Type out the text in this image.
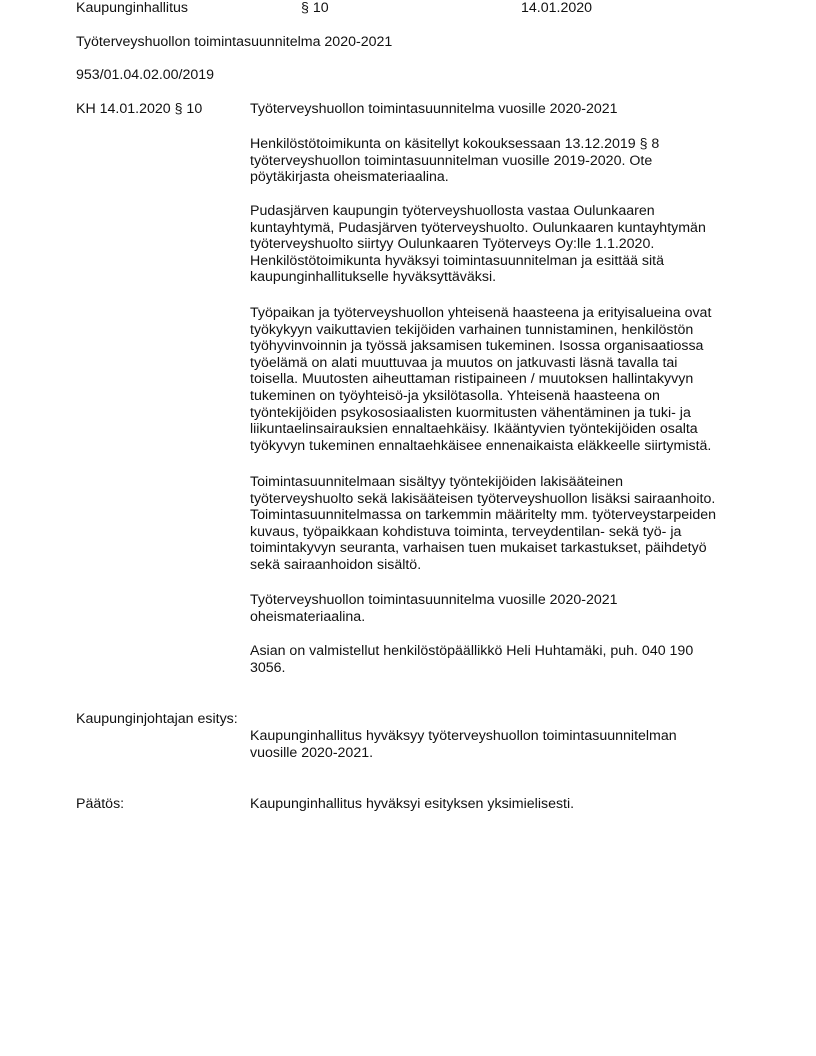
Kaupunginhallitus	§ 10	14.01.2020
Työterveyshuollon toimintasuunnitelma 2020-2021
953/01.04.02.00/2019
KH 14.01.2020 § 10	Työterveyshuollon toimintasuunnitelma vuosille 2020-2021
Henkilöstötoimikunta on käsitellyt kokouksessaan 13.12.2019 § 8
työterveyshuollon toimintasuunnitelman vuosille 2019-2020. Ote
pöytäkirjasta oheismateriaalina.
Pudasjärven kaupungin työterveyshuollosta vastaa Oulunkaaren
kuntayhtymä, Pudasjärven työterveyshuolto. Oulunkaaren kuntayhtymän
työterveyshuolto siirtyy Oulunkaaren Työterveys Oy:lle 1.1.2020.
Henkilöstötoimikunta hyväksyi toimintasuunnitelman ja esittää sitä
kaupunginhallitukselle hyväksyttäväksi.
Työpaikan ja työterveyshuollon yhteisenä haasteena ja erityisalueina ovat
työkykyyn vaikuttavien tekijöiden varhainen tunnistaminen, henkilöstön
työhyvinvoinnin ja työssä jaksamisen tukeminen. Isossa organisaatiossa
työelämä on alati muuttuvaa ja muutos on jatkuvasti läsnä tavalla tai
toisella. Muutosten aiheuttaman ristipaineen / muutoksen hallintakyvyn
tukeminen on työyhteisö-ja yksilötasolla. Yhteisenä haasteena on
työntekijöiden psykososiaalisten kuormitusten vähentäminen ja tuki- ja
liikuntaelinsairauksien ennaltaehkäisy. Ikääntyvien työntekijöiden osalta
työkyvyn tukeminen ennaltaehkäisee ennenaikaista eläkkeelle siirtymistä.
Toimintasuunnitelmaan sisältyy työntekijöiden lakisääteinen
työterveyshuolto sekä lakisääteisen työterveyshuollon lisäksi sairaanhoito.
Toimintasuunnitelmassa on tarkemmin määritelty mm. työterveystarpeiden
kuvaus, työpaikkaan kohdistuva toiminta, terveydentilan- sekä työ- ja
toimintakyvyn seuranta, varhaisen tuen mukaiset tarkastukset, päihdetyö
sekä sairaanhoidon sisältö.
Työterveyshuollon toimintasuunnitelma vuosille 2020-2021
oheismateriaalina.
Asian on valmistellut henkilöstöpäällikkö Heli Huhtamäki, puh. 040 190
3056.
Kaupunginjohtajan esitys:
Kaupunginhallitus hyväksyy työterveyshuollon toimintasuunnitelman
vuosille 2020-2021.
Päätös:	Kaupunginhallitus hyväksyi esityksen yksimielisesti.
